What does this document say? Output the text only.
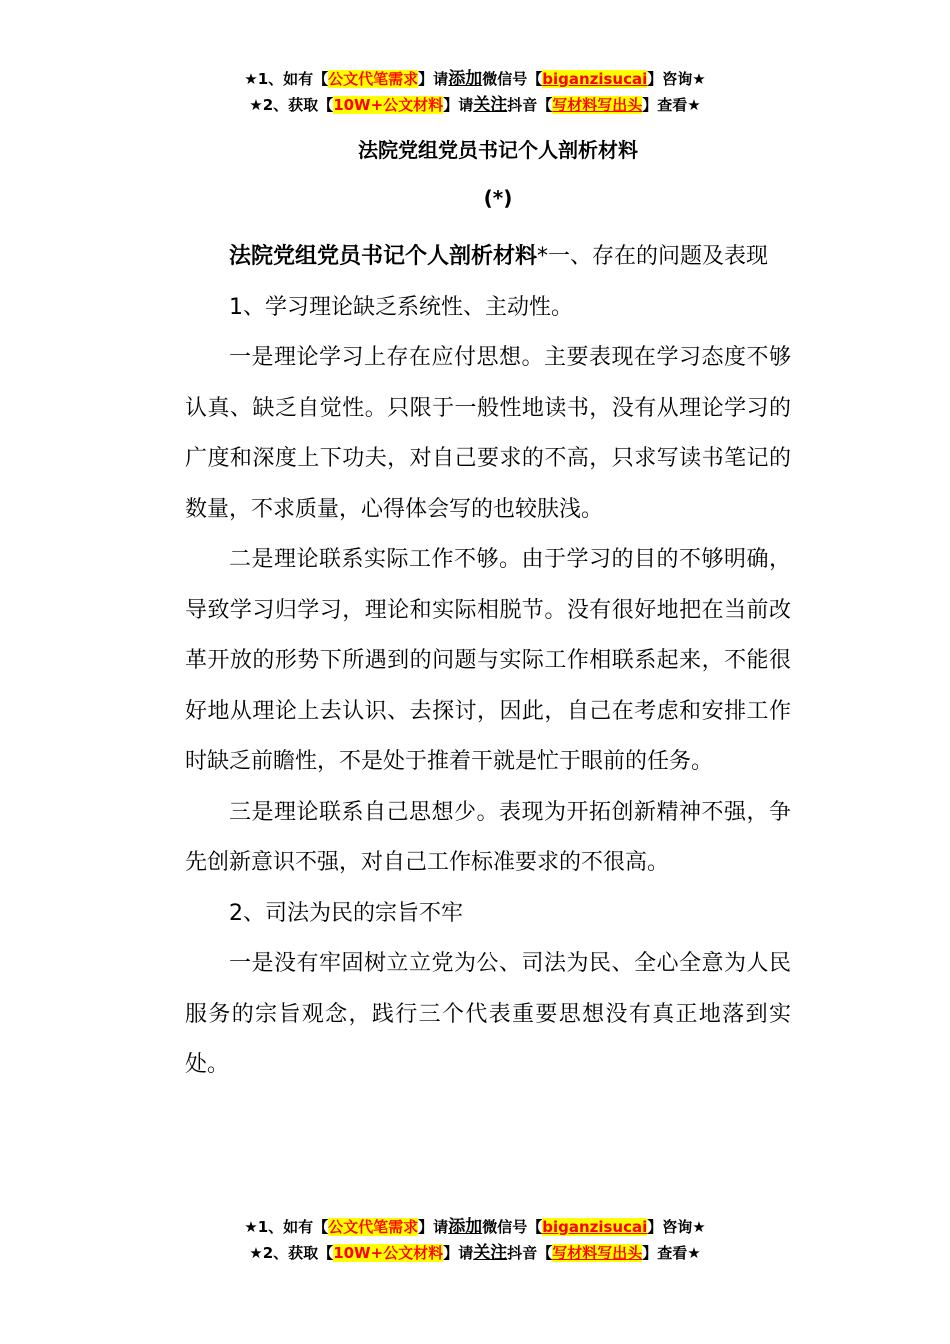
★1、如有【公文代笔需求】请添加微信号【biganzisucai】咨询★
★2、获取【10W+公文材料】请关注抖音【写材料写出头】查看★
法院党组党员书记个人剖析材料
(*)

法院党组党员书记个人剖析材料*一、存在的问题及表现

1、学习理论缺乏系统性、主动性。

一是理论学习上存在应付思想。主要表现在学习态度不够认真、缺乏自觉性。只限于一般性地读书，没有从理论学习的广度和深度上下功夫，对自己要求的不高，只求写读书笔记的数量，不求质量，心得体会写的也较肤浅。

二是理论联系实际工作不够。由于学习的目的不够明确，导致学习归学习，理论和实际相脱节。没有很好地把在当前改革开放的形势下所遇到的问题与实际工作相联系起来，不能很好地从理论上去认识、去探讨，因此，自己在考虑和安排工作时缺乏前瞻性，不是处于推着干就是忙于眼前的任务。

三是理论联系自己思想少。表现为开拓创新精神不强，争先创新意识不强，对自己工作标准要求的不很高。

2、司法为民的宗旨不牢

一是没有牢固树立立党为公、司法为民、全心全意为人民服务的宗旨观念，践行三个代表重要思想没有真正地落到实处。

★1、如有【公文代笔需求】请添加微信号【biganzisucai】咨询★
★2、获取【10W+公文材料】请关注抖音【写材料写出头】查看★
